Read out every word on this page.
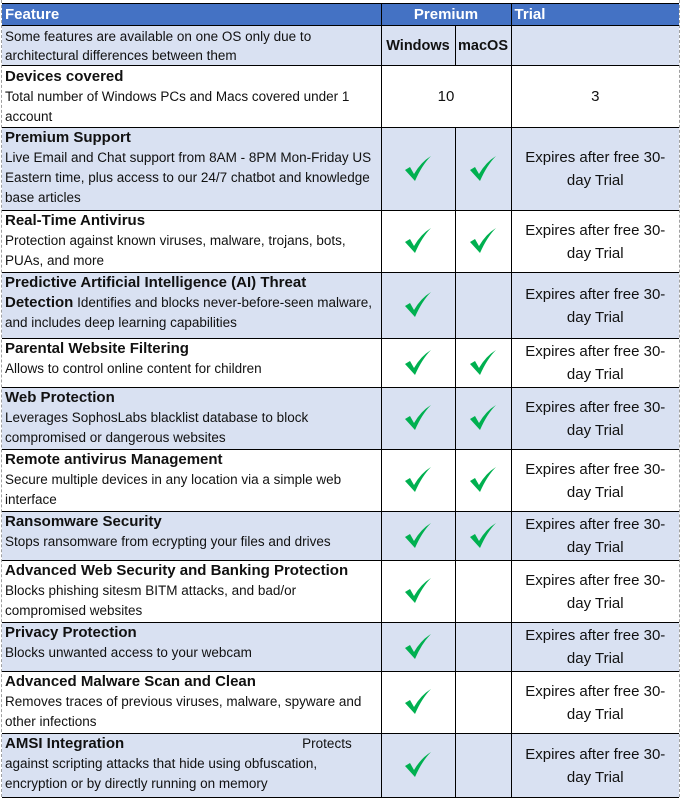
Feature	Premium		Trial
Some features are available on one OS only due to architectural differences between them	Windows	macOS	

Devices covered
Total number of Windows PCs and Macs covered under 1 account	10		3
Premium Support
Live Email and Chat support from 8AM - 8PM Mon-Friday US Eastern time, plus access to our 24/7 chatbot and knowledge base articles			Expires after free 30-day Trial
Real-Time Antivirus
Protection against known viruses, malware, trojans, bots, PUAs, and more			Expires after free 30-day Trial
Predictive Artificial Intelligence (AI) Threat Detection Identifies and blocks never-before-seen malware, and includes deep learning capabilities			Expires after free 30-day Trial
Parental Website Filtering
Allows to control online content for children			Expires after free 30-day Trial
Web Protection
Leverages SophosLabs blacklist database to block compromised or dangerous websites			Expires after free 30-day Trial
Remote antivirus Management
Secure multiple devices in any location via a simple web interface			Expires after free 30-day Trial
Ransomware Security
Stops ransomware from ecrypting your files and drives			Expires after free 30-day Trial
Advanced Web Security and Banking Protection
Blocks phishing sitesm BITM attacks, and bad/or compromised websites			Expires after free 30-day Trial
Privacy Protection
Blocks unwanted access to your webcam			Expires after free 30-day Trial
Advanced Malware Scan and Clean
Removes traces of previous viruses, malware, spyware and other infections			Expires after free 30-day Trial
AMSI Integration Protects against scripting attacks that hide using obfuscation, encryption or by directly running on memory			Expires after free 30-day Trial
